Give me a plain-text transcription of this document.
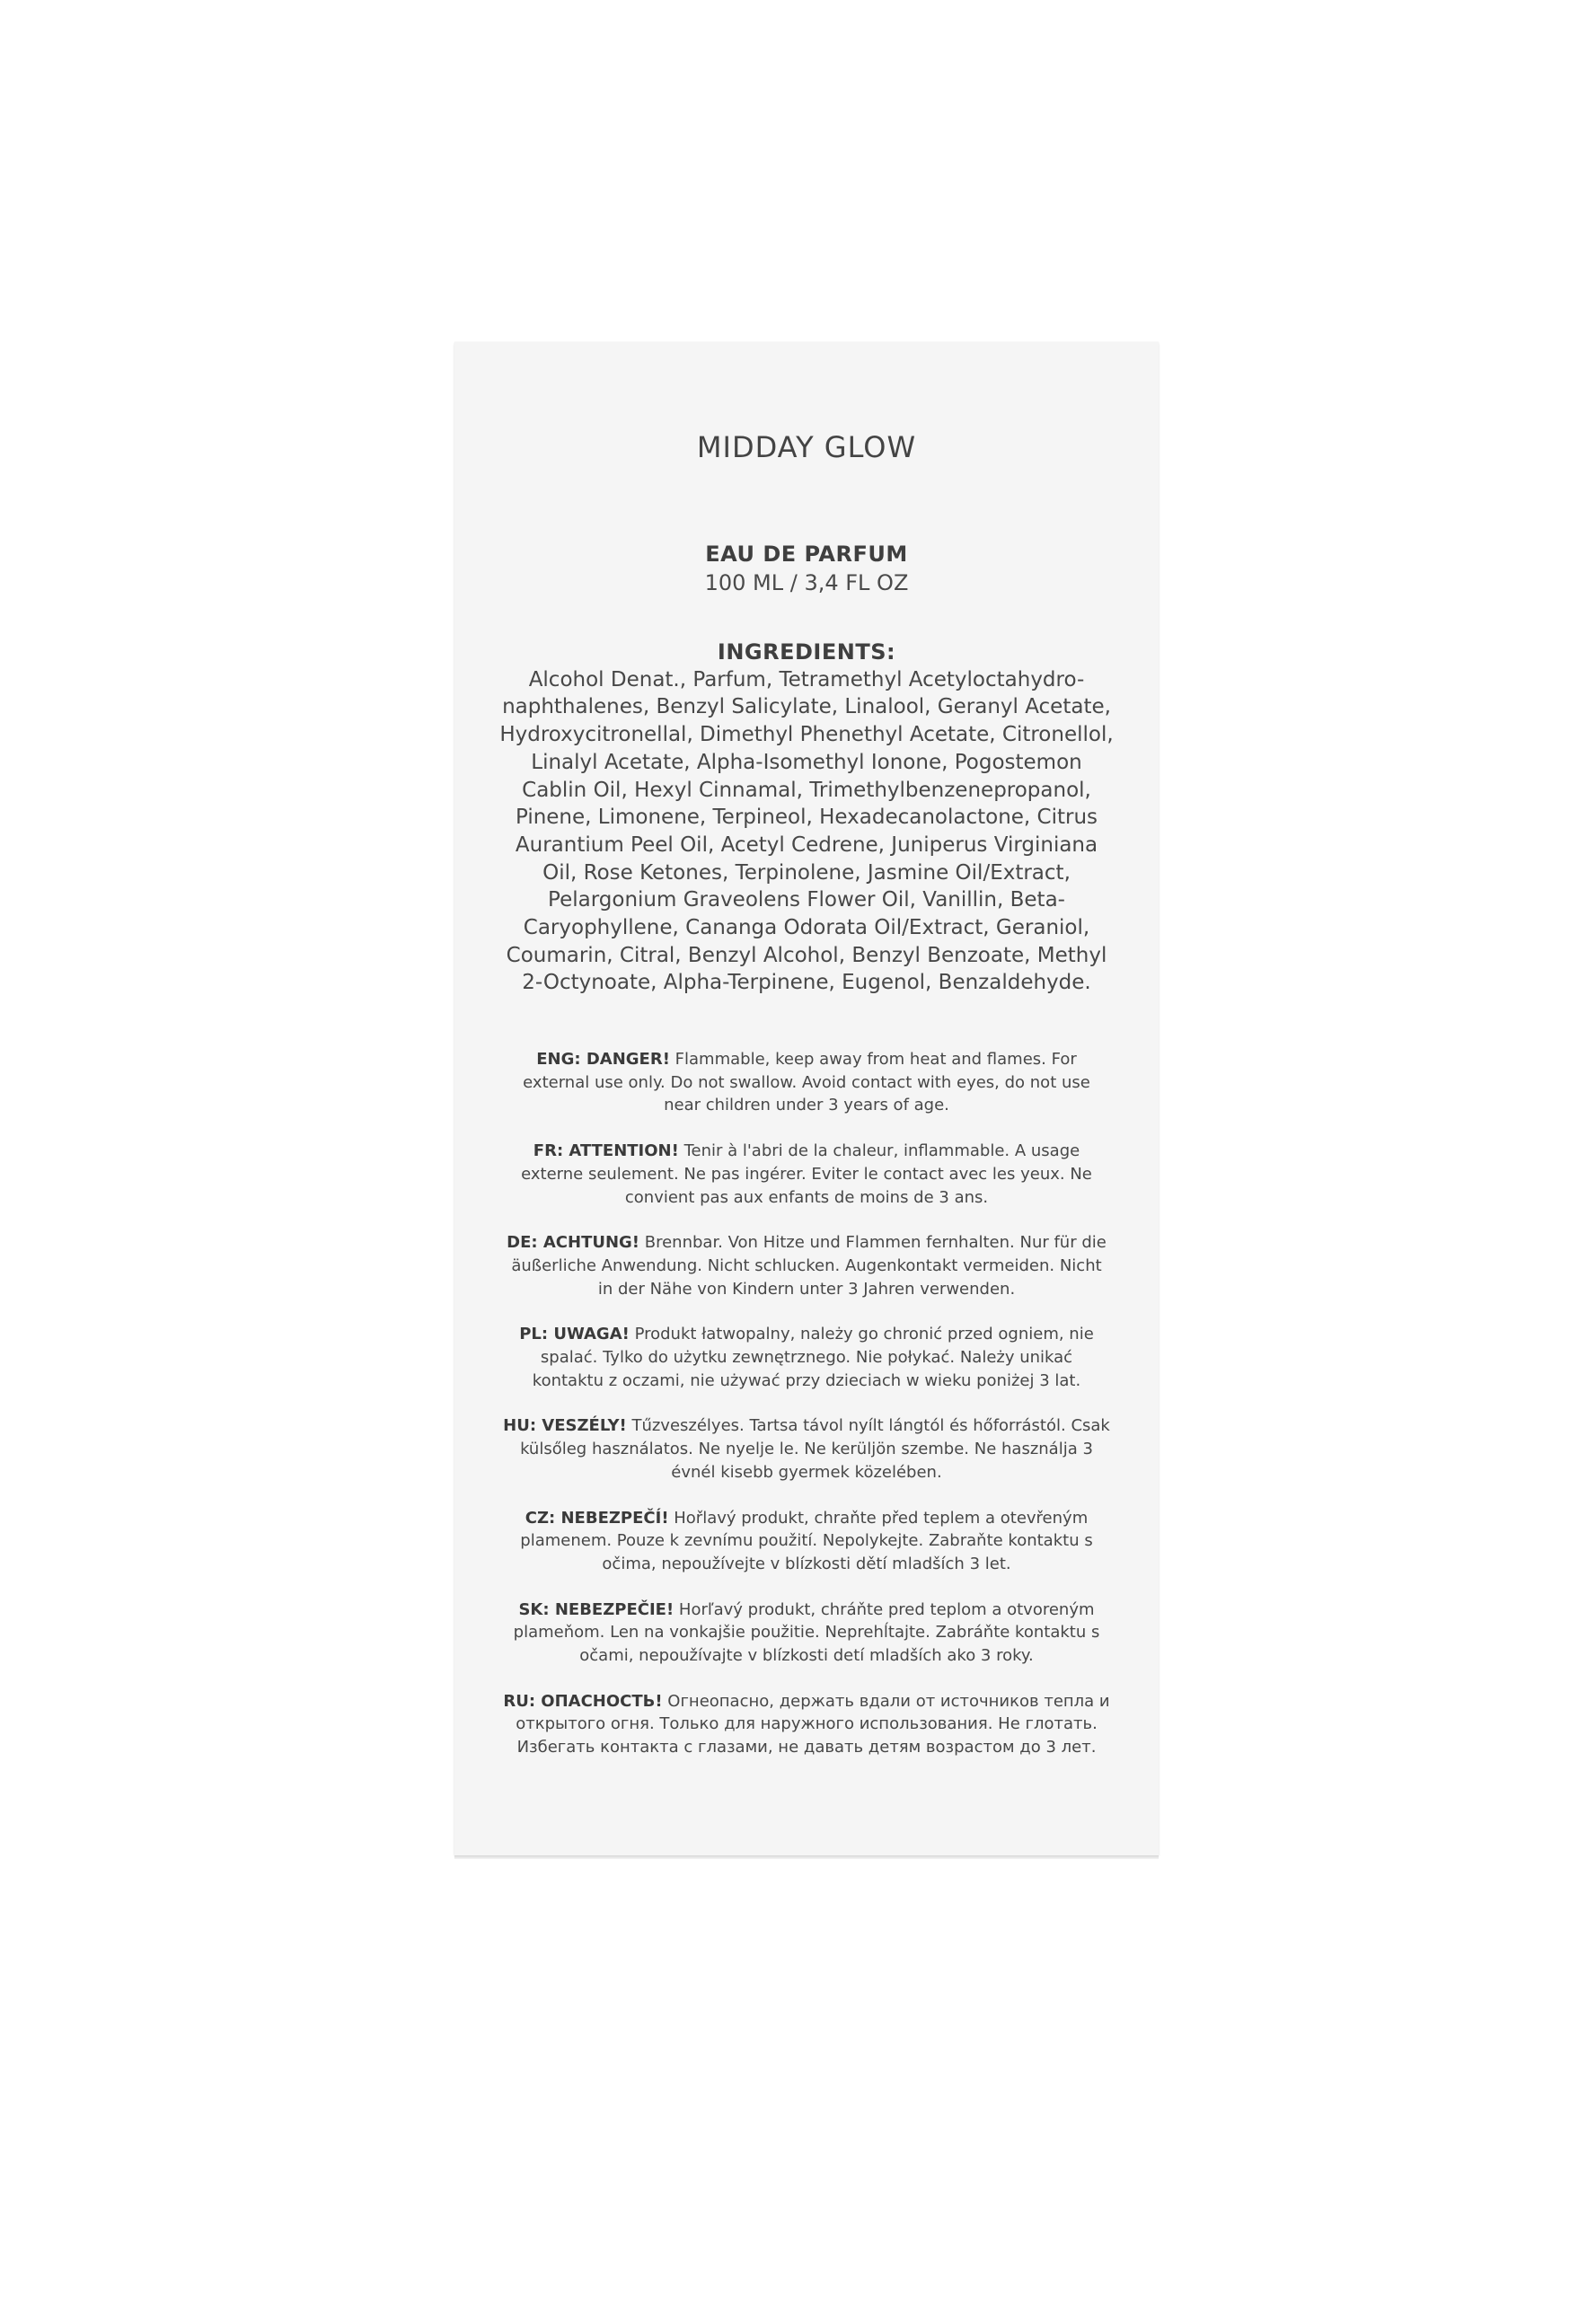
MIDDAY GLOW
EAU DE PARFUM
100 ML / 3,4 FL OZ
INGREDIENTS:
Alcohol Denat., Parfum, Tetramethyl Acetyloctahydro-naphthalenes, Benzyl Salicylate, Linalool, Geranyl Acetate, Hydroxycitronellal, Dimethyl Phenethyl Acetate, Citronellol, Linalyl Acetate, Alpha-Isomethyl Ionone, Pogostemon Cablin Oil, Hexyl Cinnamal, Trimethylbenzenepropanol, Pinene, Limonene, Terpineol, Hexadecanolactone, Citrus Aurantium Peel Oil, Acetyl Cedrene, Juniperus Virginiana Oil, Rose Ketones, Terpinolene, Jasmine Oil/Extract, Pelargonium Graveolens Flower Oil, Vanillin, Beta-Caryophyllene, Cananga Odorata Oil/Extract, Geraniol, Coumarin, Citral, Benzyl Alcohol, Benzyl Benzoate, Methyl 2-Octynoate, Alpha-Terpinene, Eugenol, Benzaldehyde.
ENG: DANGER! Flammable, keep away from heat and flames. For external use only. Do not swallow. Avoid contact with eyes, do not use near children under 3 years of age.
FR: ATTENTION! Tenir à l'abri de la chaleur, inflammable. A usage externe seulement. Ne pas ingérer. Eviter le contact avec les yeux. Ne convient pas aux enfants de moins de 3 ans.
DE: ACHTUNG! Brennbar. Von Hitze und Flammen fernhalten. Nur für die äußerliche Anwendung. Nicht schlucken. Augenkontakt vermeiden. Nicht in der Nähe von Kindern unter 3 Jahren verwenden.
PL: UWAGA! Produkt łatwopalny, należy go chronić przed ogniem, nie spalać. Tylko do użytku zewnętrznego. Nie połykać. Należy unikać kontaktu z oczami, nie używać przy dzieciach w wieku poniżej 3 lat.
HU: VESZÉLY! Tűzveszélyes. Tartsa távol nyílt lángtól és hőforrástól. Csak külsőleg használatos. Ne nyelje le. Ne kerüljön szembe. Ne használja 3 évnél kisebb gyermek közelében.
CZ: NEBEZPEČÍ! Hořlavý produkt, chraňte před teplem a otevřeným plamenem. Pouze k zevnímu použití. Nepolykejte. Zabraňte kontaktu s očima, nepoužívejte v blízkosti dětí mladších 3 let.
SK: NEBEZPEČIE! Horľavý produkt, chráňte pred teplom a otvoreným plameňom. Len na vonkajšie použitie. Neprehĺtajte. Zabráňte kontaktu s očami, nepoužívajte v blízkosti detí mladších ako 3 roky.
RU: ОПАСНОСТЬ! Огнеопасно, держать вдали от источников тепла и открытого огня. Только для наружного использования. Не глотать. Избегать контакта с глазами, не давать детям возрастом до 3 лет.
